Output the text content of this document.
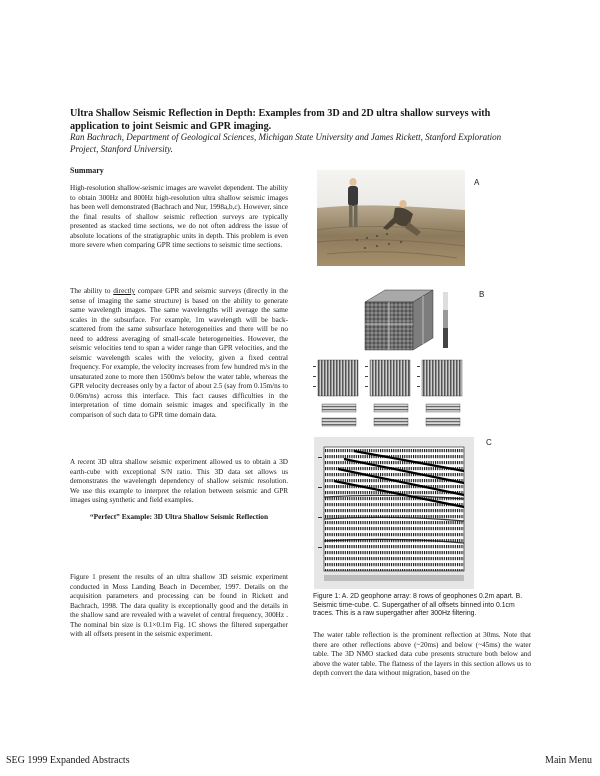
Ultra Shallow Seismic Reflection in Depth: Examples from 3D and 2D ultra shallow surveys with application to joint Seismic and GPR imaging.

Ran Bachrach, Department of Geological Sciences, Michigan State University and James Rickett, Stanford Exploration Project, Stanford University.

Summary

High-resolution shallow-seismic images are wavelet dependent. The ability to obtain 300Hz and 800Hz high-resolution ultra shallow seismic images has been well demonstrated (Bachrach and Nur, 1998a,b,c). However, since the final results of shallow seismic reflection surveys are typically presented as stacked time sections, we do not often address the issue of absolute locations of the stratigraphic units in depth. This problem is even more severe when comparing GPR time sections to seismic time sections.

The ability to directly compare GPR and seismic surveys (directly in the sense of imaging the same structure) is based on the ability to generate same wavelength images. The same wavelengths will average the same scales in the subsurface. For example, 1m wavelength will be back-scattered from the same subsurface heterogeneities and there will be no need to address averaging of small-scale heterogeneities. However, the seismic velocities tend to span a wider range than GPR velocities, and the seismic wavelength scales with the velocity, given a fixed central frequency. For example, the velocity increases from few hundred m/s in the unsaturated zone to more then 1500m/s below the water table, whereas the GPR velocity decreases only by a factor of about 2.5 (say from 0.15m/ns to 0.06m/ns) across this interface. This fact causes difficulties in the interpretation of time domain seismic images and specifically in the comparison of such data to GPR time domain data.

A recent 3D ultra shallow seismic experiment allowed us to obtain a 3D earth-cube with exceptional S/N ratio. This 3D data set allows us demonstrates the wavelength dependency of shallow seismic resolution. We use this example to interpret the relation between seismic and GPR images using synthetic and field examples.

“Perfect” Example: 3D Ultra Shallow Seismic Reflection

Figure 1 present the results of an ultra shallow 3D seismic experiment conducted in Moss Landing Beach in December, 1997. Details on the acquisition parameters and processing can be found in Rickett and Bachrach, 1998. The data quality is exceptionally good and the details in the shallow sand are revealed with a wavelet of central frequency, 300Hz . The nominal bin size is 0.1×0.1m Fig. 1C shows the filtered supergather with all offsets present in the seismic experiment.

A

B

C

Figure 1: A. 2D geophone array: 8 rows of geophones 0.2m apart. B. Seismic time-cube. C. Supergather of all offsets binned into 0.1cm traces. This is a raw supergather after 300Hz filtering.

The water table reflection is the prominent reflection at 30ms. Note that there are other reflections above (~20ms) and below (~45ms) the water table. The 3D NMO stacked data cube presents structure both below and above the water table. The flatness of the layers in this section allows us to depth convert the data without migration, based on the

SEG 1999 Expanded Abstracts	Main Menu
